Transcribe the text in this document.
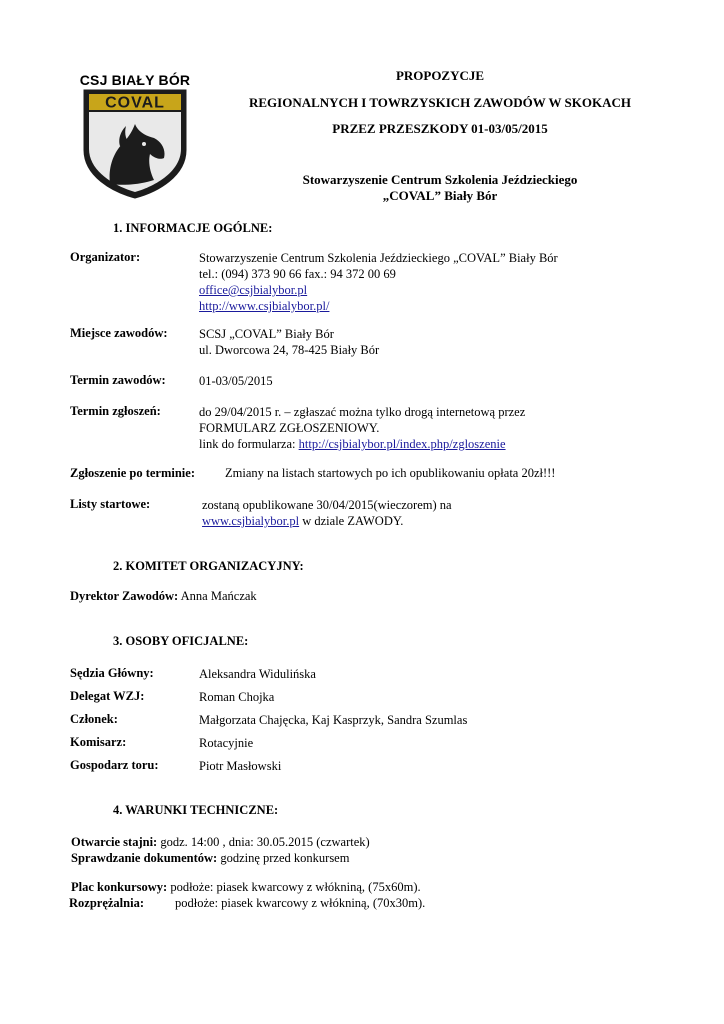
CSJ BIAŁY BÓR
COVAL
PROPOZYCJE
REGIONALNYCH I TOWRZYSKICH ZAWODÓW W SKOKACH
PRZEZ PRZESZKODY 01-03/05/2015
Stowarzyszenie Centrum Szkolenia Jeździeckiego
„COVAL” Biały Bór
1. INFORMACJE OGÓLNE:
Organizator:	Stowarzyszenie Centrum Szkolenia Jeździeckiego „COVAL” Biały Bór
tel.: (094) 373 90 66 fax.: 94 372 00 69
office@csjbialybor.pl
http://www.csjbialybor.pl/
Miejsce zawodów:	SCSJ „COVAL” Biały Bór
ul. Dworcowa 24, 78-425 Biały Bór
Termin zawodów:	01-03/05/2015
Termin zgłoszeń:	do 29/04/2015 r. – zgłaszać można tylko drogą internetową przez
FORMULARZ ZGŁOSZENIOWY.
link do formularza: http://csjbialybor.pl/index.php/zgloszenie
Zgłoszenie po terminie: Zmiany na listach startowych po ich opublikowaniu opłata 20zł!!!
Listy startowe:	zostaną opublikowane 30/04/2015(wieczorem) na
www.csjbialybor.pl w dziale ZAWODY.
2. KOMITET ORGANIZACYJNY:
Dyrektor Zawodów: Anna Mańczak
3. OSOBY OFICJALNE:
Sędzia Główny:	Aleksandra Widulińska
Delegat WZJ:	Roman Chojka
Członek:	Małgorzata Chajęcka, Kaj Kasprzyk, Sandra Szumlas
Komisarz:	Rotacyjnie
Gospodarz toru:	Piotr Masłowski
4. WARUNKI TECHNICZNE:
Otwarcie stajni: godz. 14:00 , dnia: 30.05.2015 (czwartek)
Sprawdzanie dokumentów: godzinę przed konkursem
Plac konkursowy: podłoże: piasek kwarcowy z włókniną, (75x60m).
Rozprężalnia: podłoże: piasek kwarcowy z włókniną, (70x30m).
